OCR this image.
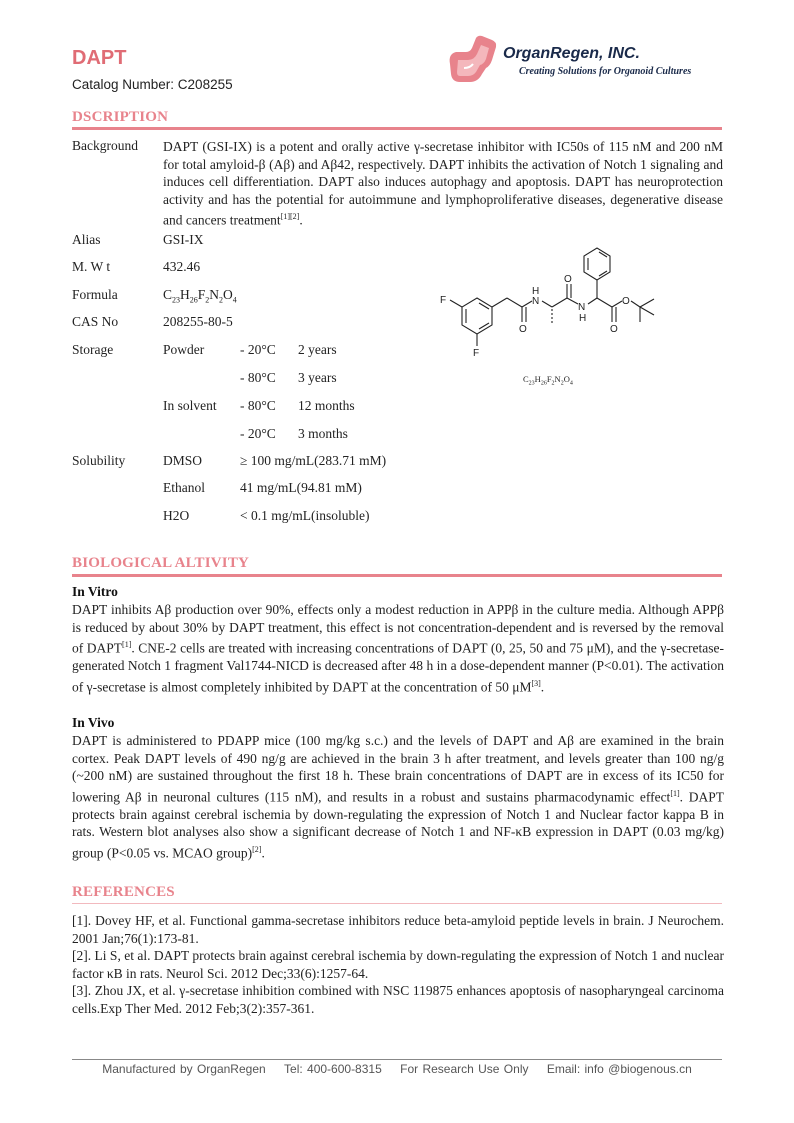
DAPT
Catalog Number: C208255
OrganRegen, INC.
Creating Solutions for Organoid Cultures
DSCRIPTION
Background DAPT (GSI-IX) is a potent and orally active γ-secretase inhibitor with IC50s of 115 nM and 200 nM for total amyloid-β (Aβ) and Aβ42, respectively. DAPT inhibits the activation of Notch 1 signaling and induces cell differentiation. DAPT also induces autophagy and apoptosis. DAPT has neuroprotection activity and has the potential for autoimmune and lymphoproliferative diseases, degenerative disease and cancers treatment[1][2].
Alias	GSI-IX
M. W t	432.46
Formula	$C_{23}H_{26}F_2N_2O_4$
CAS No	208255-80-5
Storage	Powder	- 20°C 2 years
- 80°C 3 years
In solvent - 80°C 12 months
- 20°C 3 months
Solubility	DMSO	≥ 100 mg/mL(283.71 mM)
Ethanol	41 mg/mL(94.81 mM)
H2O	< 0.1 mg/mL(insoluble)
F
F
N
H
O
O
N
H
O
O
$C_{23}H_{26}F_2N_2O_4$
BIOLOGICAL ALTIVITY
In Vitro
DAPT inhibits Aβ production over 90%, effects only a modest reduction in APPβ in the culture media. Although APPβ is reduced by about 30% by DAPT treatment, this effect is not concentration-dependent and is reversed by the removal of DAPT[1]. CNE-2 cells are treated with increasing concentrations of DAPT (0, 25, 50 and 75 μM), and the γ-secretase-generated Notch 1 fragment Val1744-NICD is decreased after 48 h in a dose-dependent manner (P<0.01). The activation of γ-secretase is almost completely inhibited by DAPT at the concentration of 50 μM[3].
In Vivo
DAPT is administered to PDAPP mice (100 mg/kg s.c.) and the levels of DAPT and Aβ are examined in the brain cortex. Peak DAPT levels of 490 ng/g are achieved in the brain 3 h after treatment, and levels greater than 100 ng/g (~200 nM) are sustained throughout the first 18 h. These brain concentrations of DAPT are in excess of its IC50 for lowering Aβ in neuronal cultures (115 nM), and results in a robust and sustains pharmacodynamic effect[1]. DAPT protects brain against cerebral ischemia by down-regulating the expression of Notch 1 and Nuclear factor kappa B in rats. Western blot analyses also show a significant decrease of Notch 1 and NF-κB expression in DAPT (0.03 mg/kg) group (P<0.05 vs. MCAO group)[2].
REFERENCES
[1]. Dovey HF, et al. Functional gamma-secretase inhibitors reduce beta-amyloid peptide levels in brain. J Neurochem. 2001 Jan;76(1):173-81.
[2]. Li S, et al. DAPT protects brain against cerebral ischemia by down-regulating the expression of Notch 1 and nuclear factor κB in rats. Neurol Sci. 2012 Dec;33(6):1257-64.
[3]. Zhou JX, et al. γ-secretase inhibition combined with NSC 119875 enhances apoptosis of nasopharyngeal carcinoma cells.Exp Ther Med. 2012 Feb;3(2):357-361.
Manufactured by OrganRegen Tel: 400-600-8315 For Research Use Only Email: info @biogenous.cn
